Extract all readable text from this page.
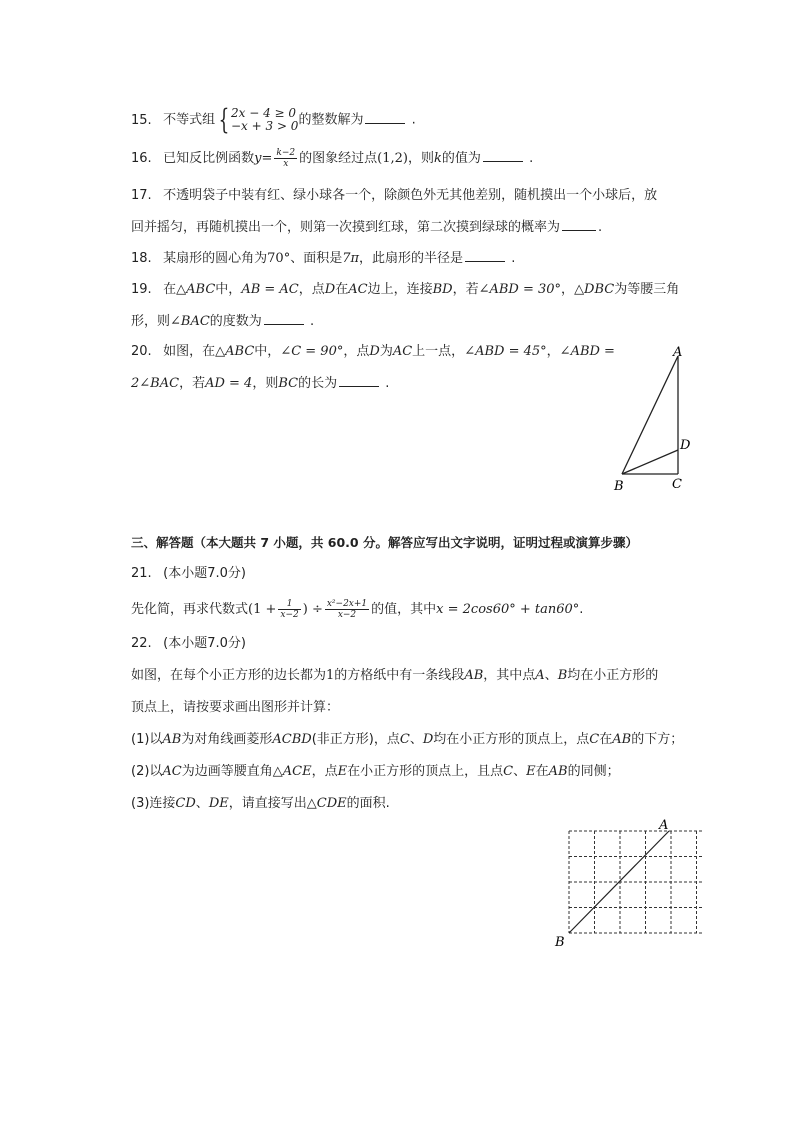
15. 不等式组 { 2x − 4 ≥ 0
−x + 3 > 0 的整数解为	.
16. 已知反比例函数$y= \frac{k-2}{x}$ 的图象经过点(1,2)，则k的值为	.
17. 不透明袋子中装有红、绿小球各一个，除颜色外无其他差别，随机摸出一个小球后，放
回并摇匀，再随机摸出一个，则第一次摸到红球，第二次摸到绿球的概率为	.
18. 某扇形的圆心角为70°、面积是7π，此扇形的半径是	.
19. 在△ABC中，AB = AC，点D在AC边上，连接BD，若∠ABD = 30°，△DBC为等腰三角
形，则∠BAC的度数为	.
20. 如图，在△ABC中，∠C = 90°，点D为AC上一点，∠ABD = 45°，∠ABD =
2∠BAC，若AD = 4，则BC的长为	.
A
B	C
D
三、解答题（本大题共 7 小题，共 60.0 分。解答应写出文字说明，证明过程或演算步骤）
21. (本小题7.0分)
先化简，再求代数式($1 + \frac{1}{x-2}$ ) ÷ $\frac{\text{x²−2x+1}}{x-2}$ 的值，其中x = 2cos60° + tan60°.
22. (本小题7.0分)
如图，在每个小正方形的边长都为1的方格纸中有一条线段AB，其中点A、B均在小正方形的
顶点上，请按要求画出图形并计算：
(1)以AB为对角线画菱形ACBD(非正方形)，点C、D均在小正方形的顶点上，点C在AB的下方；
(2)以AC为边画等腰直角△ACE，点E在小正方形的顶点上，且点C、E在AB的同侧；
(3)连接CD、DE，请直接写出△CDE的面积.
A
B
